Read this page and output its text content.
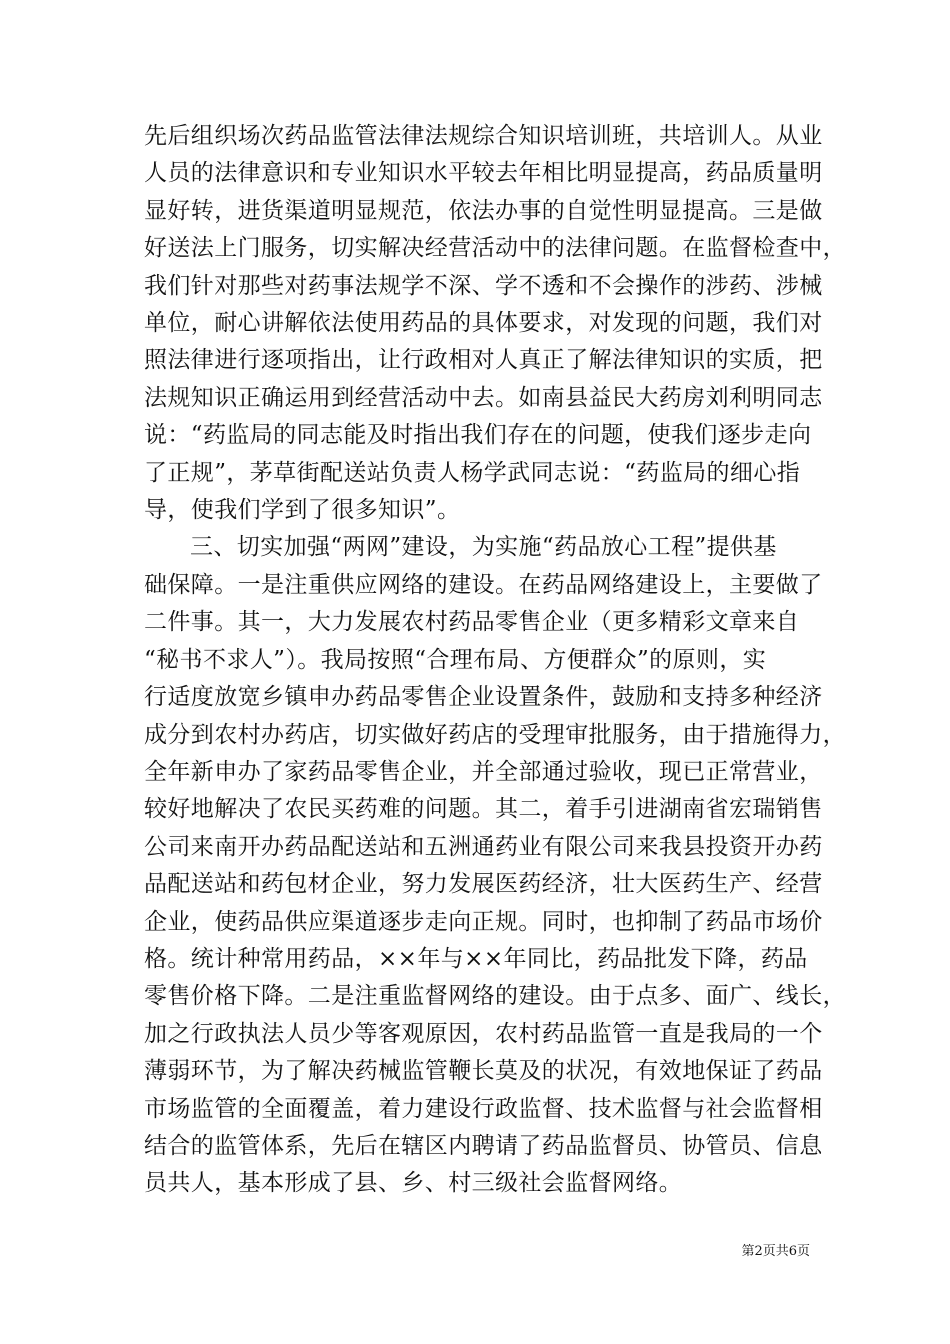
先后组织场次药品监管法律法规综合知识培训班，共培训人。从业
人员的法律意识和专业知识水平较去年相比明显提高，药品质量明
显好转，进货渠道明显规范，依法办事的自觉性明显提高。三是做
好送法上门服务，切实解决经营活动中的法律问题。在监督检查中，
我们针对那些对药事法规学不深、学不透和不会操作的涉药、涉械
单位，耐心讲解依法使用药品的具体要求，对发现的问题，我们对
照法律进行逐项指出，让行政相对人真正了解法律知识的实质，把
法规知识正确运用到经营活动中去。如南县益民大药房刘利明同志
说：“药监局的同志能及时指出我们存在的问题，使我们逐步走向
了正规”，茅草街配送站负责人杨学武同志说：“药监局的细心指
导，使我们学到了很多知识”。
三、切实加强“两网”建设，为实施“药品放心工程”提供基
础保障。一是注重供应网络的建设。在药品网络建设上，主要做了
二件事。其一，大力发展农村药品零售企业（更多精彩文章来自
“秘书不求人”）。我局按照“合理布局、方便群众”的原则，实
行适度放宽乡镇申办药品零售企业设置条件，鼓励和支持多种经济
成分到农村办药店，切实做好药店的受理审批服务，由于措施得力，
全年新申办了家药品零售企业，并全部通过验收，现已正常营业，
较好地解决了农民买药难的问题。其二，着手引进湖南省宏瑞销售
公司来南开办药品配送站和五洲通药业有限公司来我县投资开办药
品配送站和药包材企业，努力发展医药经济，壮大医药生产、经营
企业，使药品供应渠道逐步走向正规。同时，也抑制了药品市场价
格。统计种常用药品，××年与××年同比，药品批发下降，药品
零售价格下降。二是注重监督网络的建设。由于点多、面广、线长，
加之行政执法人员少等客观原因，农村药品监管一直是我局的一个
薄弱环节，为了解决药械监管鞭长莫及的状况，有效地保证了药品
市场监管的全面覆盖，着力建设行政监督、技术监督与社会监督相
结合的监管体系，先后在辖区内聘请了药品监督员、协管员、信息
员共人，基本形成了县、乡、村三级社会监督网络。
第2页共6页
